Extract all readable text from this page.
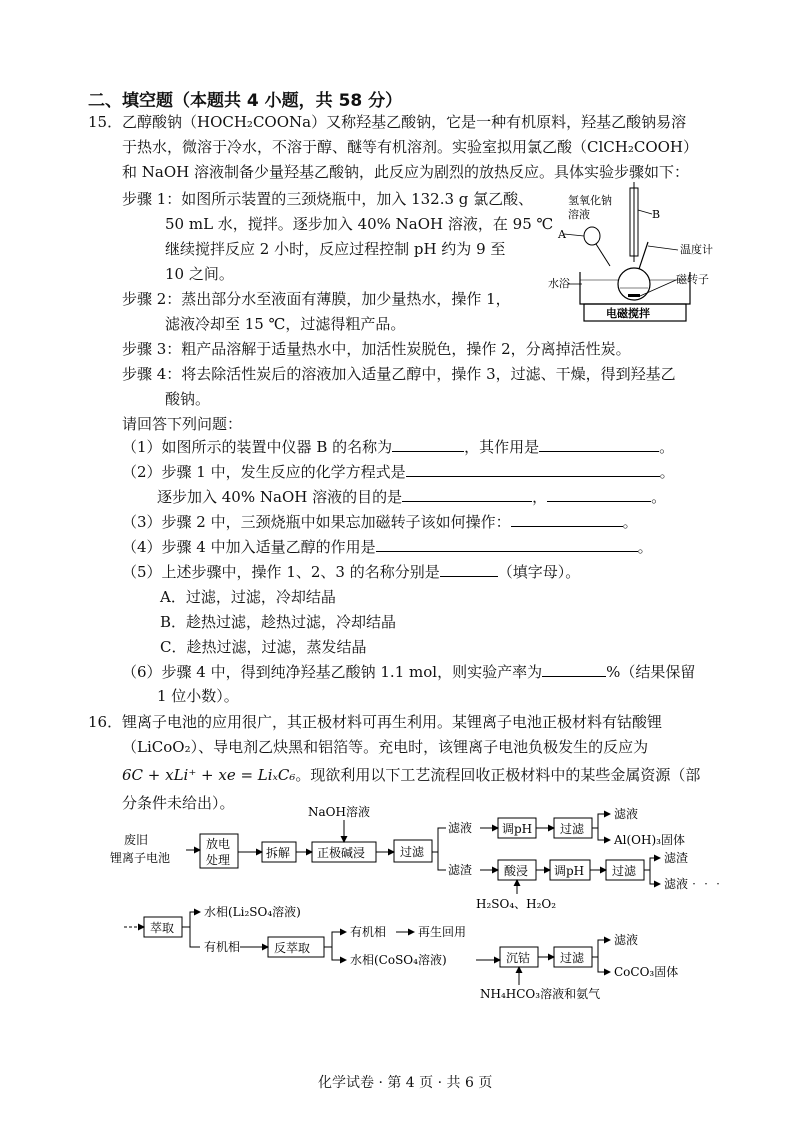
二、填空题（本题共 4 小题，共 58 分）
15． 乙醇酸钠（HOCH₂COONa）又称羟基乙酸钠，它是一种有机原料，羟基乙酸钠易溶
于热水，微溶于冷水，不溶于醇、醚等有机溶剂。实验室拟用氯乙酸（ClCH₂COOH）
和 NaOH 溶液制备少量羟基乙酸钠，此反应为剧烈的放热反应。具体实验步骤如下：
步骤 1：如图所示装置的三颈烧瓶中，加入 132.3 g 氯乙酸、
50 mL 水，搅拌。逐步加入 40% NaOH 溶液，在 95 ℃
继续搅拌反应 2 小时，反应过程控制 pH 约为 9 至
10 之间。
步骤 2：蒸出部分水至液面有薄膜，加少量热水，操作 1，
滤液冷却至 15 ℃，过滤得粗产品。
步骤 3：粗产品溶解于适量热水中，加活性炭脱色，操作 2，分离掉活性炭。
步骤 4：将去除活性炭后的溶液加入适量乙醇中，操作 3，过滤、干燥，得到羟基乙
酸钠。
请回答下列问题：
（1）如图所示的装置中仪器 B 的名称为	，其作用是	。
（2）步骤 1 中，发生反应的化学方程式是	。
逐步加入 40% NaOH 溶液的目的是	，	。
（3）步骤 2 中，三颈烧瓶中如果忘加磁转子该如何操作：	。
（4）步骤 4 中加入适量乙醇的作用是	。
（5）上述步骤中，操作 1、2、3 的名称分别是	（填字母）。
A．过滤，过滤，冷却结晶
B．趁热过滤，趁热过滤，冷却结晶
C．趁热过滤，过滤，蒸发结晶
（6）步骤 4 中，得到纯净羟基乙酸钠 1.1 mol，则实验产率为	%（结果保留
1 位小数）。
氢氧化钠
溶液
A
B
温度计
水浴	磁转子
电磁搅拌
16． 锂离子电池的应用很广，其正极材料可再生利用。某锂离子电池正极材料有钴酸锂
（LiCoO₂）、导电剂乙炔黑和铝箔等。充电时，该锂离子电池负极发生的反应为
6C + xLi⁺ + xe = LiₓC₆。现欲利用以下工艺流程回收正极材料中的某些金属资源（部
分条件未给出）。
废旧
锂离子电池
放电
处理	拆解 正极碱浸
NaOH溶液
过滤
滤液 调pH 过滤
滤液
Al(OH)₃固体
滤渣	酸浸
H₂SO₄、H₂O₂
调pH 过滤
滤渣
滤液‧‧‧
萃取
水相(Li₂SO₄溶液)
有机相	反萃取
有机相	再生回用
水相(CoSO₄溶液)	沉钴 过滤
NH₄HCO₃溶液和氨气
滤液
CoCO₃固体
化学试卷 · 第 4 页 · 共 6 页
